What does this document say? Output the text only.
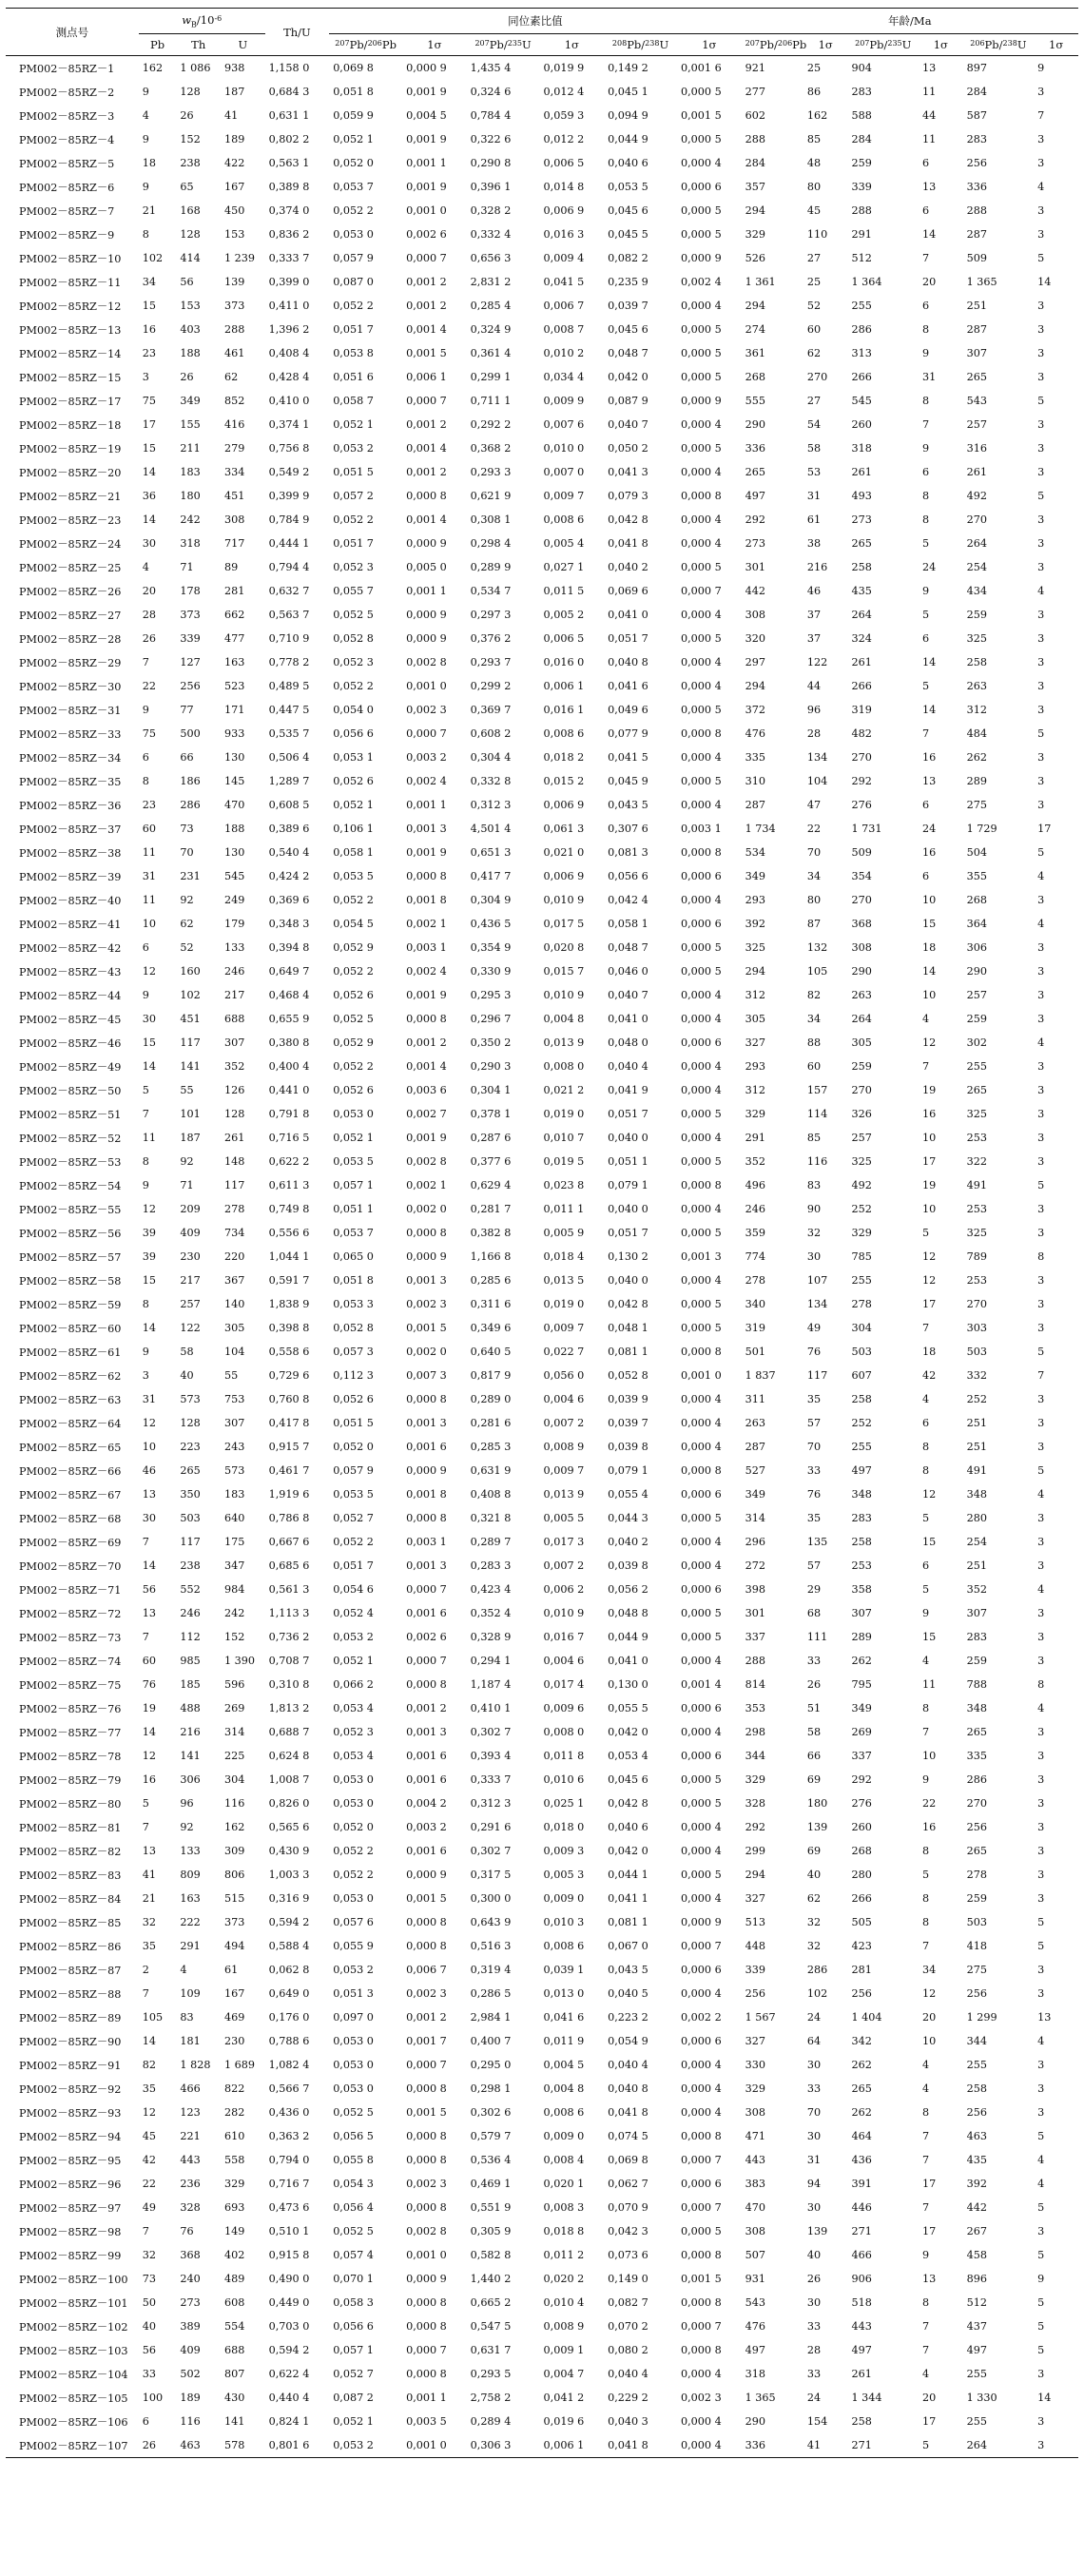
测点号	$w_B/10^{-6}$			Th/U	同位素比值						年龄/Ma					
	Pb	Th	U		$^{207}$Pb/$^{206}$Pb	1σ	$^{207}$Pb/$^{235}$U	1σ	$^{208}$Pb/$^{238}$U	1σ	$^{207}$Pb/$^{206}$Pb	1σ	$^{207}$Pb/$^{235}$U	1σ	$^{206}$Pb/$^{238}$U	1σ
PM002－85RZ－1	162	1 086	938	1,158 0	0,069 8	0,000 9	1,435 4	0,019 9	0,149 2	0,001 6	921	25	904	13	897	9
PM002－85RZ－2	9	128	187	0,684 3	0,051 8	0,001 9	0,324 6	0,012 4	0,045 1	0,000 5	277	86	283	11	284	3
PM002－85RZ－3	4	26	41	0,631 1	0,059 9	0,004 5	0,784 4	0,059 3	0,094 9	0,001 5	602	162	588	44	587	7
PM002－85RZ－4	9	152	189	0,802 2	0,052 1	0,001 9	0,322 6	0,012 2	0,044 9	0,000 5	288	85	284	11	283	3
PM002－85RZ－5	18	238	422	0,563 1	0,052 0	0,001 1	0,290 8	0,006 5	0,040 6	0,000 4	284	48	259	6	256	3
PM002－85RZ－6	9	65	167	0,389 8	0,053 7	0,001 9	0,396 1	0,014 8	0,053 5	0,000 6	357	80	339	13	336	4
PM002－85RZ－7	21	168	450	0,374 0	0,052 2	0,001 0	0,328 2	0,006 9	0,045 6	0,000 5	294	45	288	6	288	3
PM002－85RZ－9	8	128	153	0,836 2	0,053 0	0,002 6	0,332 4	0,016 3	0,045 5	0,000 5	329	110	291	14	287	3
PM002－85RZ－10	102	414	1 239	0,333 7	0,057 9	0,000 7	0,656 3	0,009 4	0,082 2	0,000 9	526	27	512	7	509	5
PM002－85RZ－11	34	56	139	0,399 0	0,087 0	0,001 2	2,831 2	0,041 5	0,235 9	0,002 4	1 361	25	1 364	20	1 365	14
PM002－85RZ－12	15	153	373	0,411 0	0,052 2	0,001 2	0,285 4	0,006 7	0,039 7	0,000 4	294	52	255	6	251	3
PM002－85RZ－13	16	403	288	1,396 2	0,051 7	0,001 4	0,324 9	0,008 7	0,045 6	0,000 5	274	60	286	8	287	3
PM002－85RZ－14	23	188	461	0,408 4	0,053 8	0,001 5	0,361 4	0,010 2	0,048 7	0,000 5	361	62	313	9	307	3
PM002－85RZ－15	3	26	62	0,428 4	0,051 6	0,006 1	0,299 1	0,034 4	0,042 0	0,000 5	268	270	266	31	265	3
PM002－85RZ－17	75	349	852	0,410 0	0,058 7	0,000 7	0,711 1	0,009 9	0,087 9	0,000 9	555	27	545	8	543	5
PM002－85RZ－18	17	155	416	0,374 1	0,052 1	0,001 2	0,292 2	0,007 6	0,040 7	0,000 4	290	54	260	7	257	3
PM002－85RZ－19	15	211	279	0,756 8	0,053 2	0,001 4	0,368 2	0,010 0	0,050 2	0,000 5	336	58	318	9	316	3
PM002－85RZ－20	14	183	334	0,549 2	0,051 5	0,001 2	0,293 3	0,007 0	0,041 3	0,000 4	265	53	261	6	261	3
PM002－85RZ－21	36	180	451	0,399 9	0,057 2	0,000 8	0,621 9	0,009 7	0,079 3	0,000 8	497	31	493	8	492	5
PM002－85RZ－23	14	242	308	0,784 9	0,052 2	0,001 4	0,308 1	0,008 6	0,042 8	0,000 4	292	61	273	8	270	3
PM002－85RZ－24	30	318	717	0,444 1	0,051 7	0,000 9	0,298 4	0,005 4	0,041 8	0,000 4	273	38	265	5	264	3
PM002－85RZ－25	4	71	89	0,794 4	0,052 3	0,005 0	0,289 9	0,027 1	0,040 2	0,000 5	301	216	258	24	254	3
PM002－85RZ－26	20	178	281	0,632 7	0,055 7	0,001 1	0,534 7	0,011 5	0,069 6	0,000 7	442	46	435	9	434	4
PM002－85RZ－27	28	373	662	0,563 7	0,052 5	0,000 9	0,297 3	0,005 2	0,041 0	0,000 4	308	37	264	5	259	3
PM002－85RZ－28	26	339	477	0,710 9	0,052 8	0,000 9	0,376 2	0,006 5	0,051 7	0,000 5	320	37	324	6	325	3
PM002－85RZ－29	7	127	163	0,778 2	0,052 3	0,002 8	0,293 7	0,016 0	0,040 8	0,000 4	297	122	261	14	258	3
PM002－85RZ－30	22	256	523	0,489 5	0,052 2	0,001 0	0,299 2	0,006 1	0,041 6	0,000 4	294	44	266	5	263	3
PM002－85RZ－31	9	77	171	0,447 5	0,054 0	0,002 3	0,369 7	0,016 1	0,049 6	0,000 5	372	96	319	14	312	3
PM002－85RZ－33	75	500	933	0,535 7	0,056 6	0,000 7	0,608 2	0,008 6	0,077 9	0,000 8	476	28	482	7	484	5
PM002－85RZ－34	6	66	130	0,506 4	0,053 1	0,003 2	0,304 4	0,018 2	0,041 5	0,000 4	335	134	270	16	262	3
PM002－85RZ－35	8	186	145	1,289 7	0,052 6	0,002 4	0,332 8	0,015 2	0,045 9	0,000 5	310	104	292	13	289	3
PM002－85RZ－36	23	286	470	0,608 5	0,052 1	0,001 1	0,312 3	0,006 9	0,043 5	0,000 4	287	47	276	6	275	3
PM002－85RZ－37	60	73	188	0,389 6	0,106 1	0,001 3	4,501 4	0,061 3	0,307 6	0,003 1	1 734	22	1 731	24	1 729	17
PM002－85RZ－38	11	70	130	0,540 4	0,058 1	0,001 9	0,651 3	0,021 0	0,081 3	0,000 8	534	70	509	16	504	5
PM002－85RZ－39	31	231	545	0,424 2	0,053 5	0,000 8	0,417 7	0,006 9	0,056 6	0,000 6	349	34	354	6	355	4
PM002－85RZ－40	11	92	249	0,369 6	0,052 2	0,001 8	0,304 9	0,010 9	0,042 4	0,000 4	293	80	270	10	268	3
PM002－85RZ－41	10	62	179	0,348 3	0,054 5	0,002 1	0,436 5	0,017 5	0,058 1	0,000 6	392	87	368	15	364	4
PM002－85RZ－42	6	52	133	0,394 8	0,052 9	0,003 1	0,354 9	0,020 8	0,048 7	0,000 5	325	132	308	18	306	3
PM002－85RZ－43	12	160	246	0,649 7	0,052 2	0,002 4	0,330 9	0,015 7	0,046 0	0,000 5	294	105	290	14	290	3
PM002－85RZ－44	9	102	217	0,468 4	0,052 6	0,001 9	0,295 3	0,010 9	0,040 7	0,000 4	312	82	263	10	257	3
PM002－85RZ－45	30	451	688	0,655 9	0,052 5	0,000 8	0,296 7	0,004 8	0,041 0	0,000 4	305	34	264	4	259	3
PM002－85RZ－46	15	117	307	0,380 8	0,052 9	0,001 2	0,350 2	0,013 9	0,048 0	0,000 6	327	88	305	12	302	4
PM002－85RZ－49	14	141	352	0,400 4	0,052 2	0,001 4	0,290 3	0,008 0	0,040 4	0,000 4	293	60	259	7	255	3
PM002－85RZ－50	5	55	126	0,441 0	0,052 6	0,003 6	0,304 1	0,021 2	0,041 9	0,000 4	312	157	270	19	265	3
PM002－85RZ－51	7	101	128	0,791 8	0,053 0	0,002 7	0,378 1	0,019 0	0,051 7	0,000 5	329	114	326	16	325	3
PM002－85RZ－52	11	187	261	0,716 5	0,052 1	0,001 9	0,287 6	0,010 7	0,040 0	0,000 4	291	85	257	10	253	3
PM002－85RZ－53	8	92	148	0,622 2	0,053 5	0,002 8	0,377 6	0,019 5	0,051 1	0,000 5	352	116	325	17	322	3
PM002－85RZ－54	9	71	117	0,611 3	0,057 1	0,002 1	0,629 4	0,023 8	0,079 1	0,000 8	496	83	492	19	491	5
PM002－85RZ－55	12	209	278	0,749 8	0,051 1	0,002 0	0,281 7	0,011 1	0,040 0	0,000 4	246	90	252	10	253	3
PM002－85RZ－56	39	409	734	0,556 6	0,053 7	0,000 8	0,382 8	0,005 9	0,051 7	0,000 5	359	32	329	5	325	3
PM002－85RZ－57	39	230	220	1,044 1	0,065 0	0,000 9	1,166 8	0,018 4	0,130 2	0,001 3	774	30	785	12	789	8
PM002－85RZ－58	15	217	367	0,591 7	0,051 8	0,001 3	0,285 6	0,013 5	0,040 0	0,000 4	278	107	255	12	253	3
PM002－85RZ－59	8	257	140	1,838 9	0,053 3	0,002 3	0,311 6	0,019 0	0,042 8	0,000 5	340	134	278	17	270	3
PM002－85RZ－60	14	122	305	0,398 8	0,052 8	0,001 5	0,349 6	0,009 7	0,048 1	0,000 5	319	49	304	7	303	3
PM002－85RZ－61	9	58	104	0,558 6	0,057 3	0,002 0	0,640 5	0,022 7	0,081 1	0,000 8	501	76	503	18	503	5
PM002－85RZ－62	3	40	55	0,729 6	0,112 3	0,007 3	0,817 9	0,056 0	0,052 8	0,001 0	1 837	117	607	42	332	7
PM002－85RZ－63	31	573	753	0,760 8	0,052 6	0,000 8	0,289 0	0,004 6	0,039 9	0,000 4	311	35	258	4	252	3
PM002－85RZ－64	12	128	307	0,417 8	0,051 5	0,001 3	0,281 6	0,007 2	0,039 7	0,000 4	263	57	252	6	251	3
PM002－85RZ－65	10	223	243	0,915 7	0,052 0	0,001 6	0,285 3	0,008 9	0,039 8	0,000 4	287	70	255	8	251	3
PM002－85RZ－66	46	265	573	0,461 7	0,057 9	0,000 9	0,631 9	0,009 7	0,079 1	0,000 8	527	33	497	8	491	5
PM002－85RZ－67	13	350	183	1,919 6	0,053 5	0,001 8	0,408 8	0,013 9	0,055 4	0,000 6	349	76	348	12	348	4
PM002－85RZ－68	30	503	640	0,786 8	0,052 7	0,000 8	0,321 8	0,005 5	0,044 3	0,000 5	314	35	283	5	280	3
PM002－85RZ－69	7	117	175	0,667 6	0,052 2	0,003 1	0,289 7	0,017 3	0,040 2	0,000 4	296	135	258	15	254	3
PM002－85RZ－70	14	238	347	0,685 6	0,051 7	0,001 3	0,283 3	0,007 2	0,039 8	0,000 4	272	57	253	6	251	3
PM002－85RZ－71	56	552	984	0,561 3	0,054 6	0,000 7	0,423 4	0,006 2	0,056 2	0,000 6	398	29	358	5	352	4
PM002－85RZ－72	13	246	242	1,113 3	0,052 4	0,001 6	0,352 4	0,010 9	0,048 8	0,000 5	301	68	307	9	307	3
PM002－85RZ－73	7	112	152	0,736 2	0,053 2	0,002 6	0,328 9	0,016 7	0,044 9	0,000 5	337	111	289	15	283	3
PM002－85RZ－74	60	985	1 390	0,708 7	0,052 1	0,000 7	0,294 1	0,004 6	0,041 0	0,000 4	288	33	262	4	259	3
PM002－85RZ－75	76	185	596	0,310 8	0,066 2	0,000 8	1,187 4	0,017 4	0,130 0	0,001 4	814	26	795	11	788	8
PM002－85RZ－76	19	488	269	1,813 2	0,053 4	0,001 2	0,410 1	0,009 6	0,055 5	0,000 6	353	51	349	8	348	4
PM002－85RZ－77	14	216	314	0,688 7	0,052 3	0,001 3	0,302 7	0,008 0	0,042 0	0,000 4	298	58	269	7	265	3
PM002－85RZ－78	12	141	225	0,624 8	0,053 4	0,001 6	0,393 4	0,011 8	0,053 4	0,000 6	344	66	337	10	335	3
PM002－85RZ－79	16	306	304	1,008 7	0,053 0	0,001 6	0,333 7	0,010 6	0,045 6	0,000 5	329	69	292	9	286	3
PM002－85RZ－80	5	96	116	0,826 0	0,053 0	0,004 2	0,312 3	0,025 1	0,042 8	0,000 5	328	180	276	22	270	3
PM002－85RZ－81	7	92	162	0,565 6	0,052 0	0,003 2	0,291 6	0,018 0	0,040 6	0,000 4	292	139	260	16	256	3
PM002－85RZ－82	13	133	309	0,430 9	0,052 2	0,001 6	0,302 7	0,009 3	0,042 0	0,000 4	299	69	268	8	265	3
PM002－85RZ－83	41	809	806	1,003 3	0,052 2	0,000 9	0,317 5	0,005 3	0,044 1	0,000 5	294	40	280	5	278	3
PM002－85RZ－84	21	163	515	0,316 9	0,053 0	0,001 5	0,300 0	0,009 0	0,041 1	0,000 4	327	62	266	8	259	3
PM002－85RZ－85	32	222	373	0,594 2	0,057 6	0,000 8	0,643 9	0,010 3	0,081 1	0,000 9	513	32	505	8	503	5
PM002－85RZ－86	35	291	494	0,588 4	0,055 9	0,000 8	0,516 3	0,008 6	0,067 0	0,000 7	448	32	423	7	418	5
PM002－85RZ－87	2	4	61	0,062 8	0,053 2	0,006 7	0,319 4	0,039 1	0,043 5	0,000 6	339	286	281	34	275	3
PM002－85RZ－88	7	109	167	0,649 0	0,051 3	0,002 3	0,286 5	0,013 0	0,040 5	0,000 4	256	102	256	12	256	3
PM002－85RZ－89	105	83	469	0,176 0	0,097 0	0,001 2	2,984 1	0,041 6	0,223 2	0,002 2	1 567	24	1 404	20	1 299	13
PM002－85RZ－90	14	181	230	0,788 6	0,053 0	0,001 7	0,400 7	0,011 9	0,054 9	0,000 6	327	64	342	10	344	4
PM002－85RZ－91	82	1 828	1 689	1,082 4	0,053 0	0,000 7	0,295 0	0,004 5	0,040 4	0,000 4	330	30	262	4	255	3
PM002－85RZ－92	35	466	822	0,566 7	0,053 0	0,000 8	0,298 1	0,004 8	0,040 8	0,000 4	329	33	265	4	258	3
PM002－85RZ－93	12	123	282	0,436 0	0,052 5	0,001 5	0,302 6	0,008 6	0,041 8	0,000 4	308	70	262	8	256	3
PM002－85RZ－94	45	221	610	0,363 2	0,056 5	0,000 8	0,579 7	0,009 0	0,074 5	0,000 8	471	30	464	7	463	5
PM002－85RZ－95	42	443	558	0,794 0	0,055 8	0,000 8	0,536 4	0,008 4	0,069 8	0,000 7	443	31	436	7	435	4
PM002－85RZ－96	22	236	329	0,716 7	0,054 3	0,002 3	0,469 1	0,020 1	0,062 7	0,000 6	383	94	391	17	392	4
PM002－85RZ－97	49	328	693	0,473 6	0,056 4	0,000 8	0,551 9	0,008 3	0,070 9	0,000 7	470	30	446	7	442	5
PM002－85RZ－98	7	76	149	0,510 1	0,052 5	0,002 8	0,305 9	0,018 8	0,042 3	0,000 5	308	139	271	17	267	3
PM002－85RZ－99	32	368	402	0,915 8	0,057 4	0,001 0	0,582 8	0,011 2	0,073 6	0,000 8	507	40	466	9	458	5
PM002－85RZ－100	73	240	489	0,490 0	0,070 1	0,000 9	1,440 2	0,020 2	0,149 0	0,001 5	931	26	906	13	896	9
PM002－85RZ－101	50	273	608	0,449 0	0,058 3	0,000 8	0,665 2	0,010 4	0,082 7	0,000 8	543	30	518	8	512	5
PM002－85RZ－102	40	389	554	0,703 0	0,056 6	0,000 8	0,547 5	0,008 9	0,070 2	0,000 7	476	33	443	7	437	5
PM002－85RZ－103	56	409	688	0,594 2	0,057 1	0,000 7	0,631 7	0,009 1	0,080 2	0,000 8	497	28	497	7	497	5
PM002－85RZ－104	33	502	807	0,622 4	0,052 7	0,000 8	0,293 5	0,004 7	0,040 4	0,000 4	318	33	261	4	255	3
PM002－85RZ－105	100	189	430	0,440 4	0,087 2	0,001 1	2,758 2	0,041 2	0,229 2	0,002 3	1 365	24	1 344	20	1 330	14
PM002－85RZ－106	6	116	141	0,824 1	0,052 1	0,003 5	0,289 4	0,019 6	0,040 3	0,000 4	290	154	258	17	255	3
PM002－85RZ－107	26	463	578	0,801 6	0,053 2	0,001 0	0,306 3	0,006 1	0,041 8	0,000 4	336	41	271	5	264	3
